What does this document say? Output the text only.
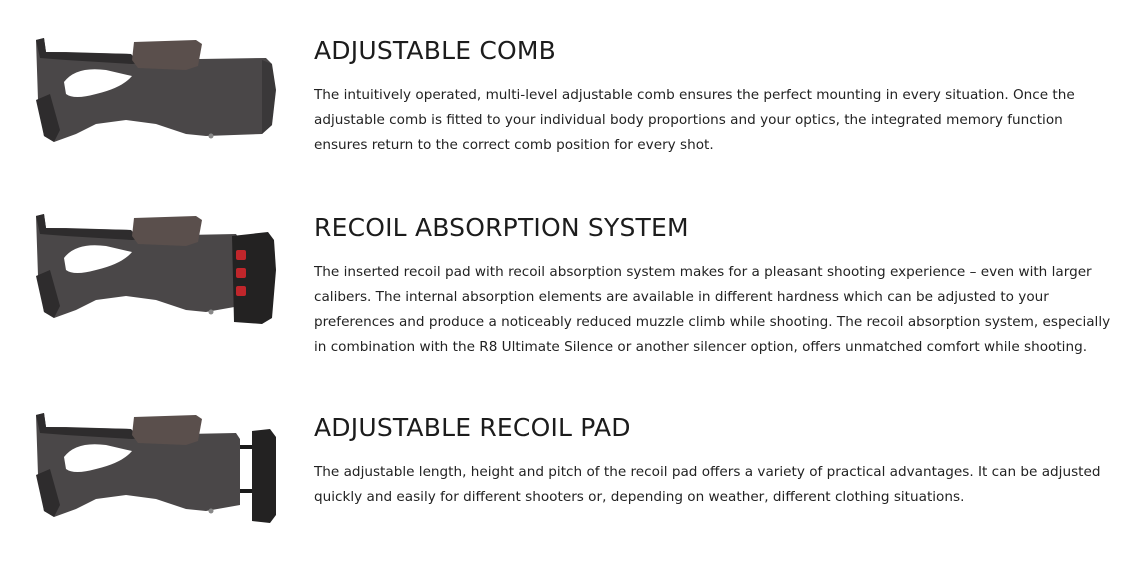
ADJUSTABLE COMB

The intuitively operated, multi-level adjustable comb ensures the perfect mounting in every situation. Once the adjustable comb is fitted to your individual body proportions and your optics, the integrated memory function ensures return to the correct comb position for every shot.

RECOIL ABSORPTION SYSTEM

The inserted recoil pad with recoil absorption system makes for a pleasant shooting experience – even with larger calibers. The internal absorption elements are available in different hardness which can be adjusted to your preferences and produce a noticeably reduced muzzle climb while shooting. The recoil absorption system, especially in combination with the R8 Ultimate Silence or another silencer option, offers unmatched comfort while shooting.

ADJUSTABLE RECOIL PAD

The adjustable length, height and pitch of the recoil pad offers a variety of practical advantages. It can be adjusted quickly and easily for different shooters or, depending on weather, different clothing situations.
